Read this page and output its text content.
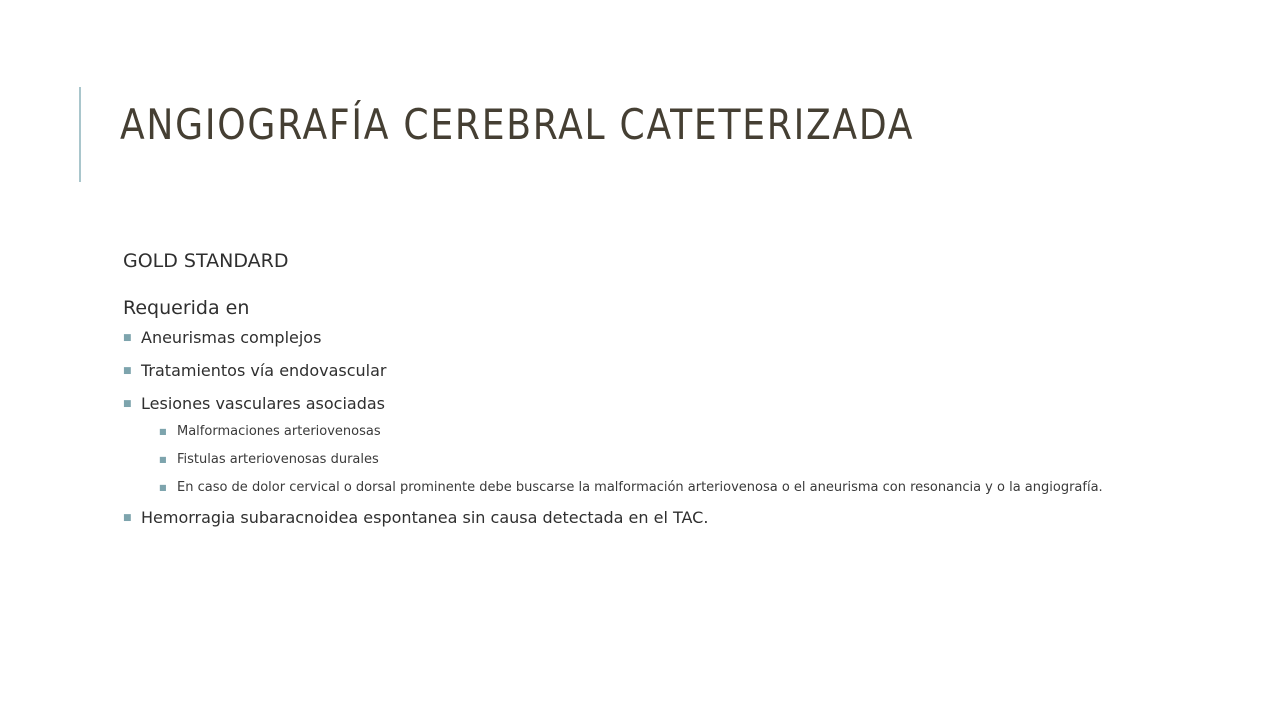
ANGIOGRAFÍA CEREBRAL CATETERIZADA

GOLD STANDARD

Requerida en

■ Aneurismas complejos
■ Tratamientos vía endovascular
■ Lesiones vasculares asociadas
■ Malformaciones arteriovenosas
■ Fistulas arteriovenosas durales
■ En caso de dolor cervical o dorsal prominente debe buscarse la malformación arteriovenosa o el aneurisma con resonancia y o la angiografía.
■ Hemorragia subaracnoidea espontanea sin causa detectada en el TAC.
